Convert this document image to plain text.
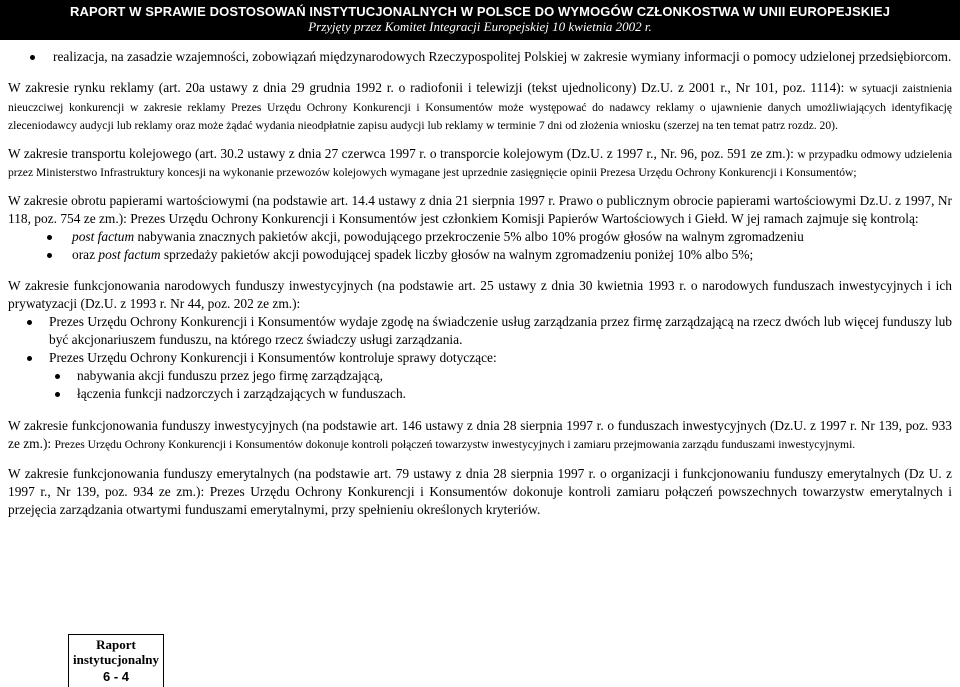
RAPORT W SPRAWIE DOSTOSOWAŃ INSTYTUCJONALNYCH W POLSCE DO WYMOGÓW CZŁONKOSTWA W UNII EUROPEJSKIEJ
Przyjęty przez Komitet Integracji Europejskiej 10 kwietnia 2002 r.
realizacja, na zasadzie wzajemności, zobowiązań międzynarodowych Rzeczypospolitej Polskiej w zakresie wymiany informacji o pomocy udzielonej przedsiębiorcom.

W zakresie rynku reklamy (art. 20a ustawy z dnia 29 grudnia 1992 r. o radiofonii i telewizji (tekst ujednolicony) Dz.U. z 2001 r., Nr 101, poz. 1114): w sytuacji zaistnienia nieuczciwej konkurencji w zakresie reklamy Prezes Urzędu Ochrony Konkurencji i Konsumentów może występować do nadawcy reklamy o ujawnienie danych umożliwiających identyfikację zleceniodawcy audycji lub reklamy oraz może żądać wydania nieodpłatnie zapisu audycji lub reklamy w terminie 7 dni od złożenia wniosku (szerzej na ten temat patrz rozdz. 20).

W zakresie transportu kolejowego (art. 30.2 ustawy z dnia 27 czerwca 1997 r. o transporcie kolejowym (Dz.U. z 1997 r., Nr. 96, poz. 591 ze zm.): w przypadku odmowy udzielenia przez Ministerstwo Infrastruktury koncesji na wykonanie przewozów kolejowych wymagane jest uprzednie zasięgnięcie opinii Prezesa Urzędu Ochrony Konkurencji i Konsumentów;

W zakresie obrotu papierami wartościowymi (na podstawie art. 14.4 ustawy z dnia 21 sierpnia 1997 r. Prawo o publicznym obrocie papierami wartościowymi Dz.U. z 1997, Nr 118, poz. 754 ze zm.): Prezes Urzędu Ochrony Konkurencji i Konsumentów jest członkiem Komisji Papierów Wartościowych i Giełd. W jej ramach zajmuje się kontrolą:

post factum nabywania znacznych pakietów akcji, powodującego przekroczenie 5% albo 10% progów głosów na walnym zgromadzeniu
oraz post factum sprzedaży pakietów akcji powodującej spadek liczby głosów na walnym zgromadzeniu poniżej 10% albo 5%;

W zakresie funkcjonowania narodowych funduszy inwestycyjnych (na podstawie art. 25 ustawy z dnia 30 kwietnia 1993 r. o narodowych funduszach inwestycyjnych i ich prywatyzacji (Dz.U. z 1993 r. Nr 44, poz. 202 ze zm.):

Prezes Urzędu Ochrony Konkurencji i Konsumentów wydaje zgodę na świadczenie usług zarządzania przez firmę zarządzającą na rzecz dwóch lub więcej funduszy lub być akcjonariuszem funduszu, na którego rzecz świadczy usługi zarządzania.
Prezes Urzędu Ochrony Konkurencji i Konsumentów kontroluje sprawy dotyczące:
nabywania akcji funduszu przez jego firmę zarządzającą,
łączenia funkcji nadzorczych i zarządzających w funduszach.

W zakresie funkcjonowania funduszy inwestycyjnych (na podstawie art. 146 ustawy z dnia 28 sierpnia 1997 r. o funduszach inwestycyjnych (Dz.U. z 1997 r. Nr 139, poz. 933 ze zm.): Prezes Urzędu Ochrony Konkurencji i Konsumentów dokonuje kontroli połączeń towarzystw inwestycyjnych i zamiaru przejmowania zarządu funduszami inwestycyjnymi.

W zakresie funkcjonowania funduszy emerytalnych (na podstawie art. 79 ustawy z dnia 28 sierpnia 1997 r. o organizacji i funkcjonowaniu funduszy emerytalnych (Dz U. z 1997 r., Nr 139, poz. 934 ze zm.): Prezes Urzędu Ochrony Konkurencji i Konsumentów dokonuje kontroli zamiaru połączeń powszechnych towarzystw emerytalnych i przejęcia zarządzania otwartymi funduszami emerytalnymi, przy spełnieniu określonych kryteriów.

Raport instytucjonalny
6 - 4
